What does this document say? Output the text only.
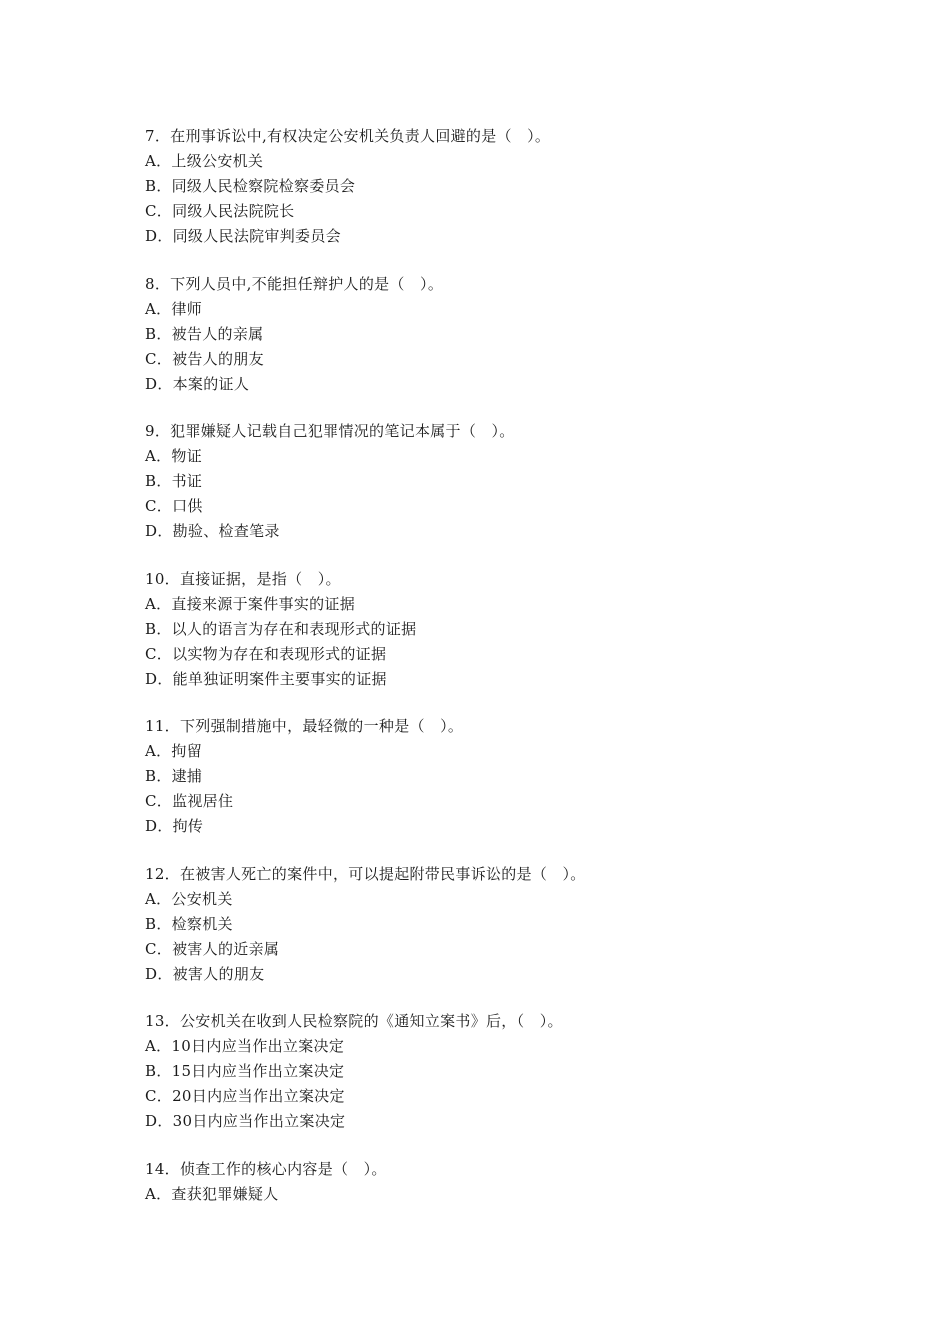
7．在刑事诉讼中,有权决定公安机关负责人回避的是（　）。
A．上级公安机关
B．同级人民检察院检察委员会
C．同级人民法院院长
D．同级人民法院审判委员会
8．下列人员中,不能担任辩护人的是（　）。
A．律师
B．被告人的亲属
C．被告人的朋友
D．本案的证人
9．犯罪嫌疑人记载自己犯罪情况的笔记本属于（　）。
A．物证
B．书证
C．口供
D．勘验、检查笔录
10．直接证据，是指（　）。
A．直接来源于案件事实的证据
B．以人的语言为存在和表现形式的证据
C．以实物为存在和表现形式的证据
D．能单独证明案件主要事实的证据
11．下列强制措施中，最轻微的一种是（　）。
A．拘留
B．逮捕
C．监视居住
D．拘传
12．在被害人死亡的案件中，可以提起附带民事诉讼的是（　）。
A．公安机关
B．检察机关
C．被害人的近亲属
D．被害人的朋友
13．公安机关在收到人民检察院的《通知立案书》后，（　）。
A．10日内应当作出立案决定
B．15日内应当作出立案决定
C．20日内应当作出立案决定
D．30日内应当作出立案决定
14．侦查工作的核心内容是（　）。
A．查获犯罪嫌疑人
